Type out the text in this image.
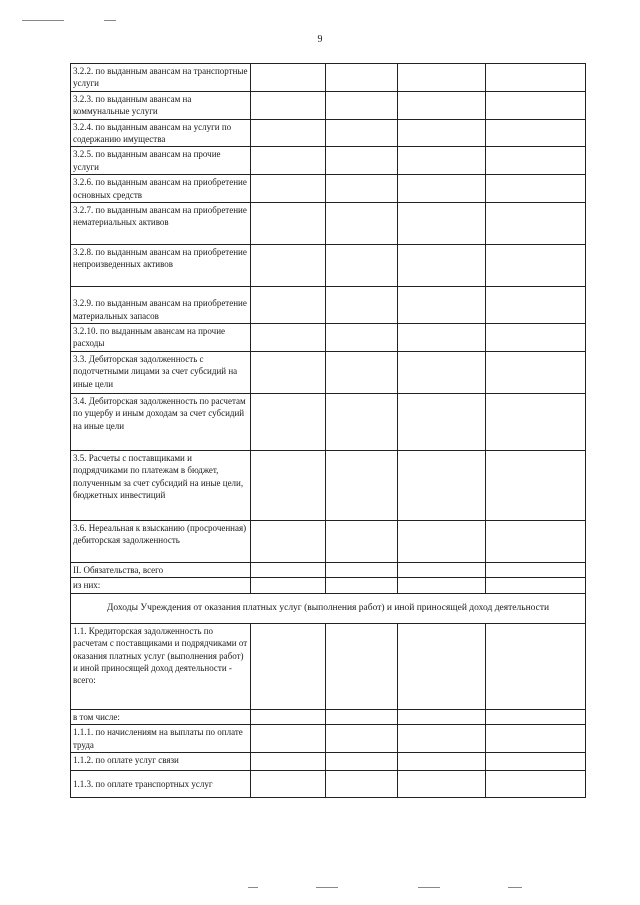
9
3.2.2. по выданным авансам на транспортные услуги				
3.2.3. по выданным авансам на коммунальные услуги				
3.2.4. по выданным авансам на услуги по содержанию имущества				
3.2.5. по выданным авансам на прочие услуги				
3.2.6. по выданным авансам на приобретение основных средств				
3.2.7. по выданным авансам на приобретение нематериальных активов				
3.2.8. по выданным авансам на приобретение непроизведенных активов				
3.2.9. по выданным авансам на приобретение материальных запасов				
3.2.10. по выданным авансам на прочие расходы				
3.3. Дебиторская задолженность с подотчетными лицами за счет субсидий на иные цели				
3.4. Дебиторская задолженность по расчетам по ущербу и иным доходам за счет субсидий на иные цели				
3.5. Расчеты с поставщиками и подрядчиками по платежам в бюджет, полученным за счет субсидий на иные цели, бюджетных инвестиций				
3.6. Нереальная к взысканию (просроченная) дебиторская задолженность				
II. Обязательства, всего				
из них:				
Доходы Учреждения от оказания платных услуг (выполнения работ) и иной приносящей доход деятельности				
1.1. Кредиторская задолженность по расчетам с поставщиками и подрядчиками от оказания платных услуг (выполнения работ) и иной приносящей доход деятельности - всего:				
в том числе:				
1.1.1. по начислениям на выплаты по оплате труда				
1.1.2. по оплате услуг связи				
1.1.3. по оплате транспортных услуг				
